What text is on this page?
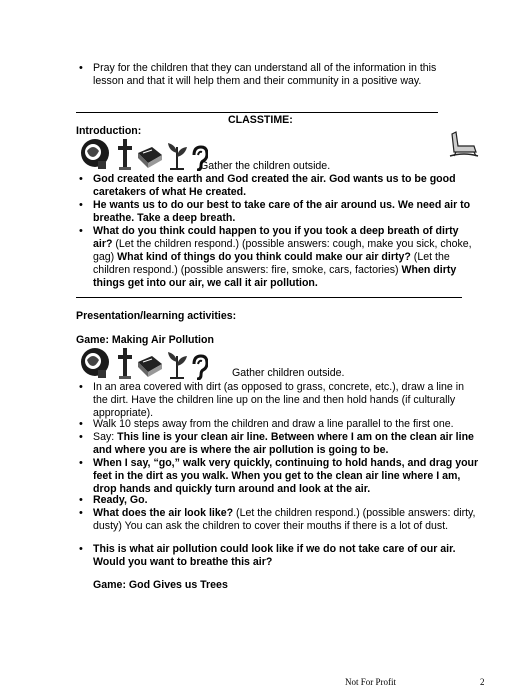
• Pray for the children that they can understand all of the information in this lesson and that it will help them and their community in a positive way.
CLASSTIME:
Introduction:
Gather the children outside.
• God created the earth and God created the air. God wants us to be good caretakers of what He created.
• He wants us to do our best to take care of the air around us. We need air to breathe. Take a deep breath.
• What do you think could happen to you if you took a deep breath of dirty air? (Let the children respond.) (possible answers: cough, make you sick, choke, gag) What kind of things do you think could make our air dirty? (Let the children respond.) (possible answers: fire, smoke, cars, factories) When dirty things get into our air, we call it air pollution.
Presentation/learning activities:
Game: Making Air Pollution
Gather children outside.
• In an area covered with dirt (as opposed to grass, concrete, etc.), draw a line in the dirt. Have the children line up on the line and then hold hands (if culturally appropriate).
• Walk 10 steps away from the children and draw a line parallel to the first one.
• Say: This line is your clean air line. Between where I am on the clean air line and where you are is where the air pollution is going to be.
• When I say, “go,” walk very quickly, continuing to hold hands, and drag your feet in the dirt as you walk. When you get to the clean air line where I am, drop hands and quickly turn around and look at the air.
• Ready, Go.
• What does the air look like? (Let the children respond.) (possible answers: dirty, dusty) You can ask the children to cover their mouths if there is a lot of dust.
• This is what air pollution could look like if we do not take care of our air. Would you want to breathe this air?
Game: God Gives us Trees
Not For Profit	2
